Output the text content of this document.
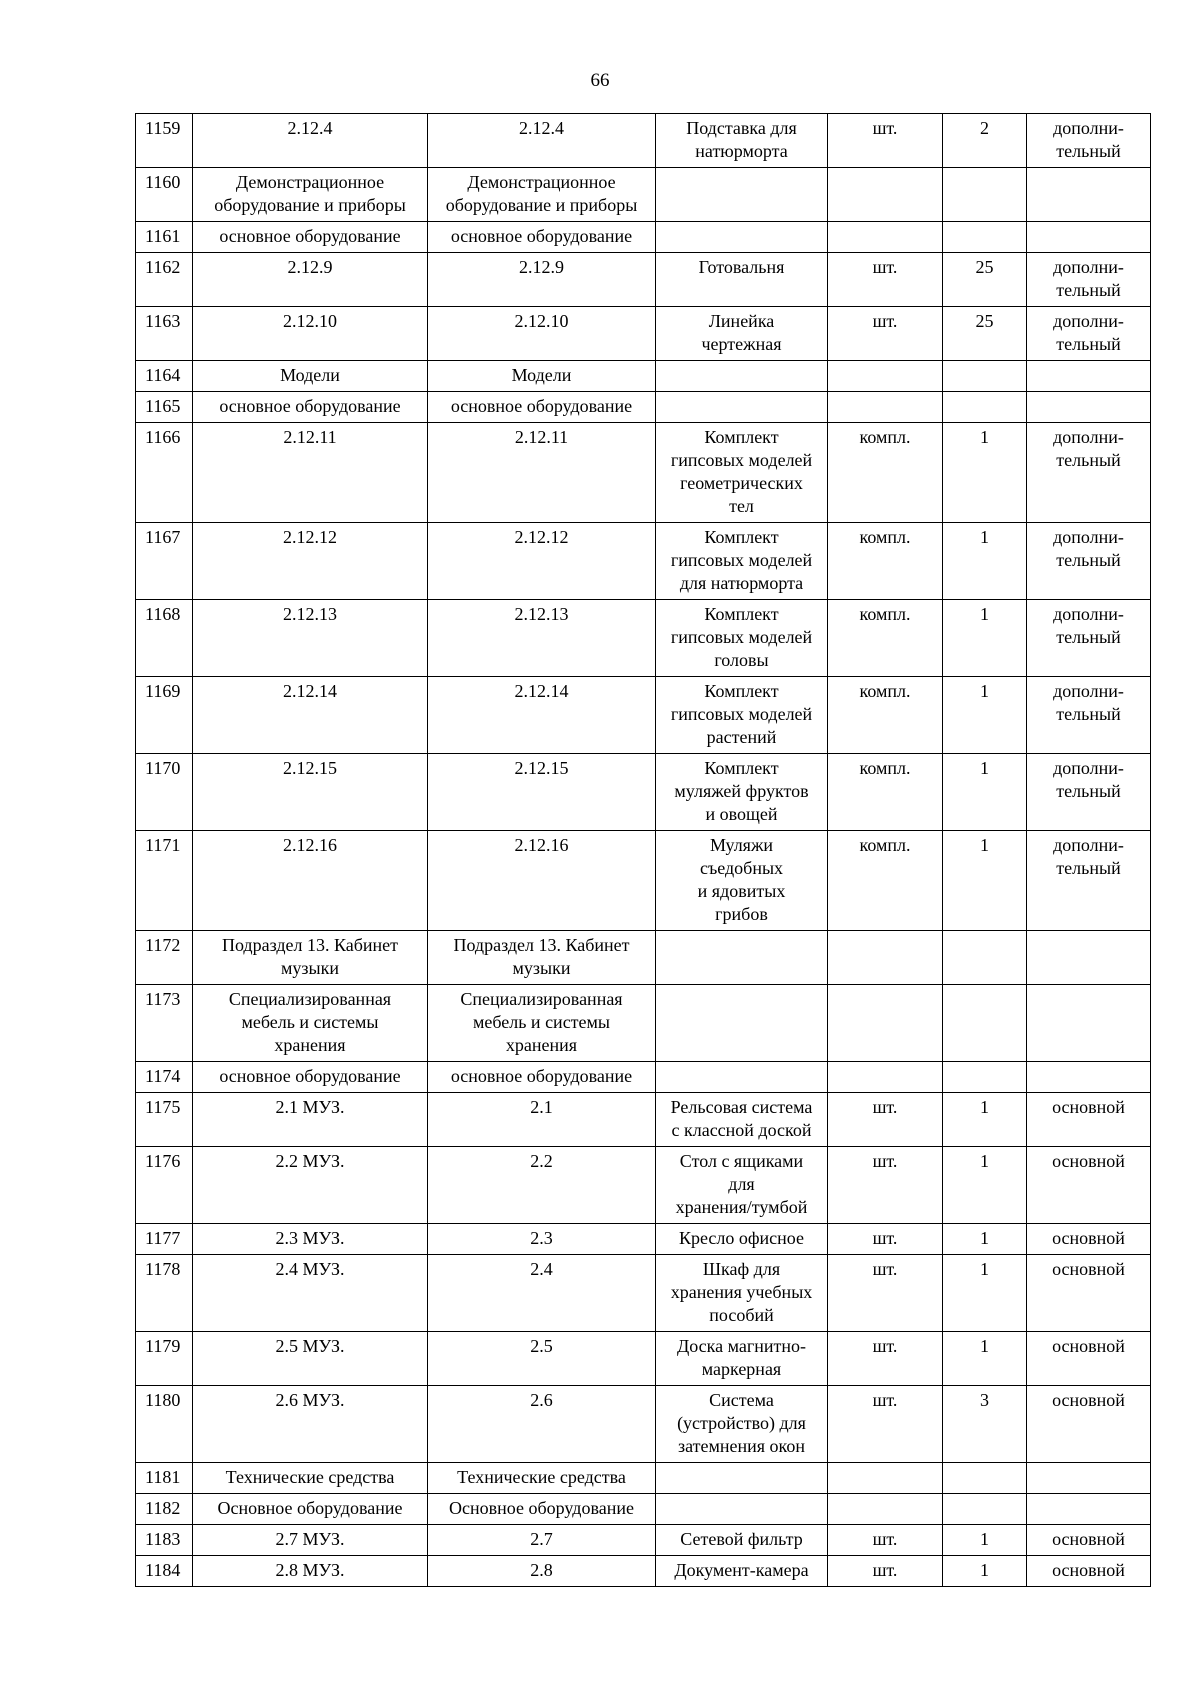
66
1159	2.12.4	2.12.4	Подставка для
натюрморта	шт.	2	дополни-
тельный
1160	Демонстрационное
оборудование и приборы	Демонстрационное
оборудование и приборы				
1161	основное оборудование	основное оборудование				
1162	2.12.9	2.12.9	Готовальня	шт.	25	дополни-
тельный
1163	2.12.10	2.12.10	Линейка
чертежная	шт.	25	дополни-
тельный
1164	Модели	Модели				
1165	основное оборудование	основное оборудование				
1166	2.12.11	2.12.11	Комплект
гипсовых моделей
геометрических
тел	компл.	1	дополни-
тельный
1167	2.12.12	2.12.12	Комплект
гипсовых моделей
для натюрморта	компл.	1	дополни-
тельный
1168	2.12.13	2.12.13	Комплект
гипсовых моделей
головы	компл.	1	дополни-
тельный
1169	2.12.14	2.12.14	Комплект
гипсовых моделей
растений	компл.	1	дополни-
тельный
1170	2.12.15	2.12.15	Комплект
муляжей фруктов
и овощей	компл.	1	дополни-
тельный
1171	2.12.16	2.12.16	Муляжи
съедобных
и ядовитых
грибов	компл.	1	дополни-
тельный
1172	Подраздел 13. Кабинет
музыки	Подраздел 13. Кабинет
музыки				
1173	Специализированная
мебель и системы
хранения	Специализированная
мебель и системы
хранения				
1174	основное оборудование	основное оборудование				
1175	2.1 МУЗ.	2.1	Рельсовая система
с классной доской	шт.	1	основной
1176	2.2 МУЗ.	2.2	Стол с ящиками
для
хранения/тумбой	шт.	1	основной
1177	2.3 МУЗ.	2.3	Кресло офисное	шт.	1	основной
1178	2.4 МУЗ.	2.4	Шкаф для
хранения учебных
пособий	шт.	1	основной
1179	2.5 МУЗ.	2.5	Доска магнитно-
маркерная	шт.	1	основной
1180	2.6 МУЗ.	2.6	Система
(устройство) для
затемнения окон	шт.	3	основной
1181	Технические средства	Технические средства				
1182	Основное оборудование	Основное оборудование				
1183	2.7 МУЗ.	2.7	Сетевой фильтр	шт.	1	основной
1184	2.8 МУЗ.	2.8	Документ-камера	шт.	1	основной
